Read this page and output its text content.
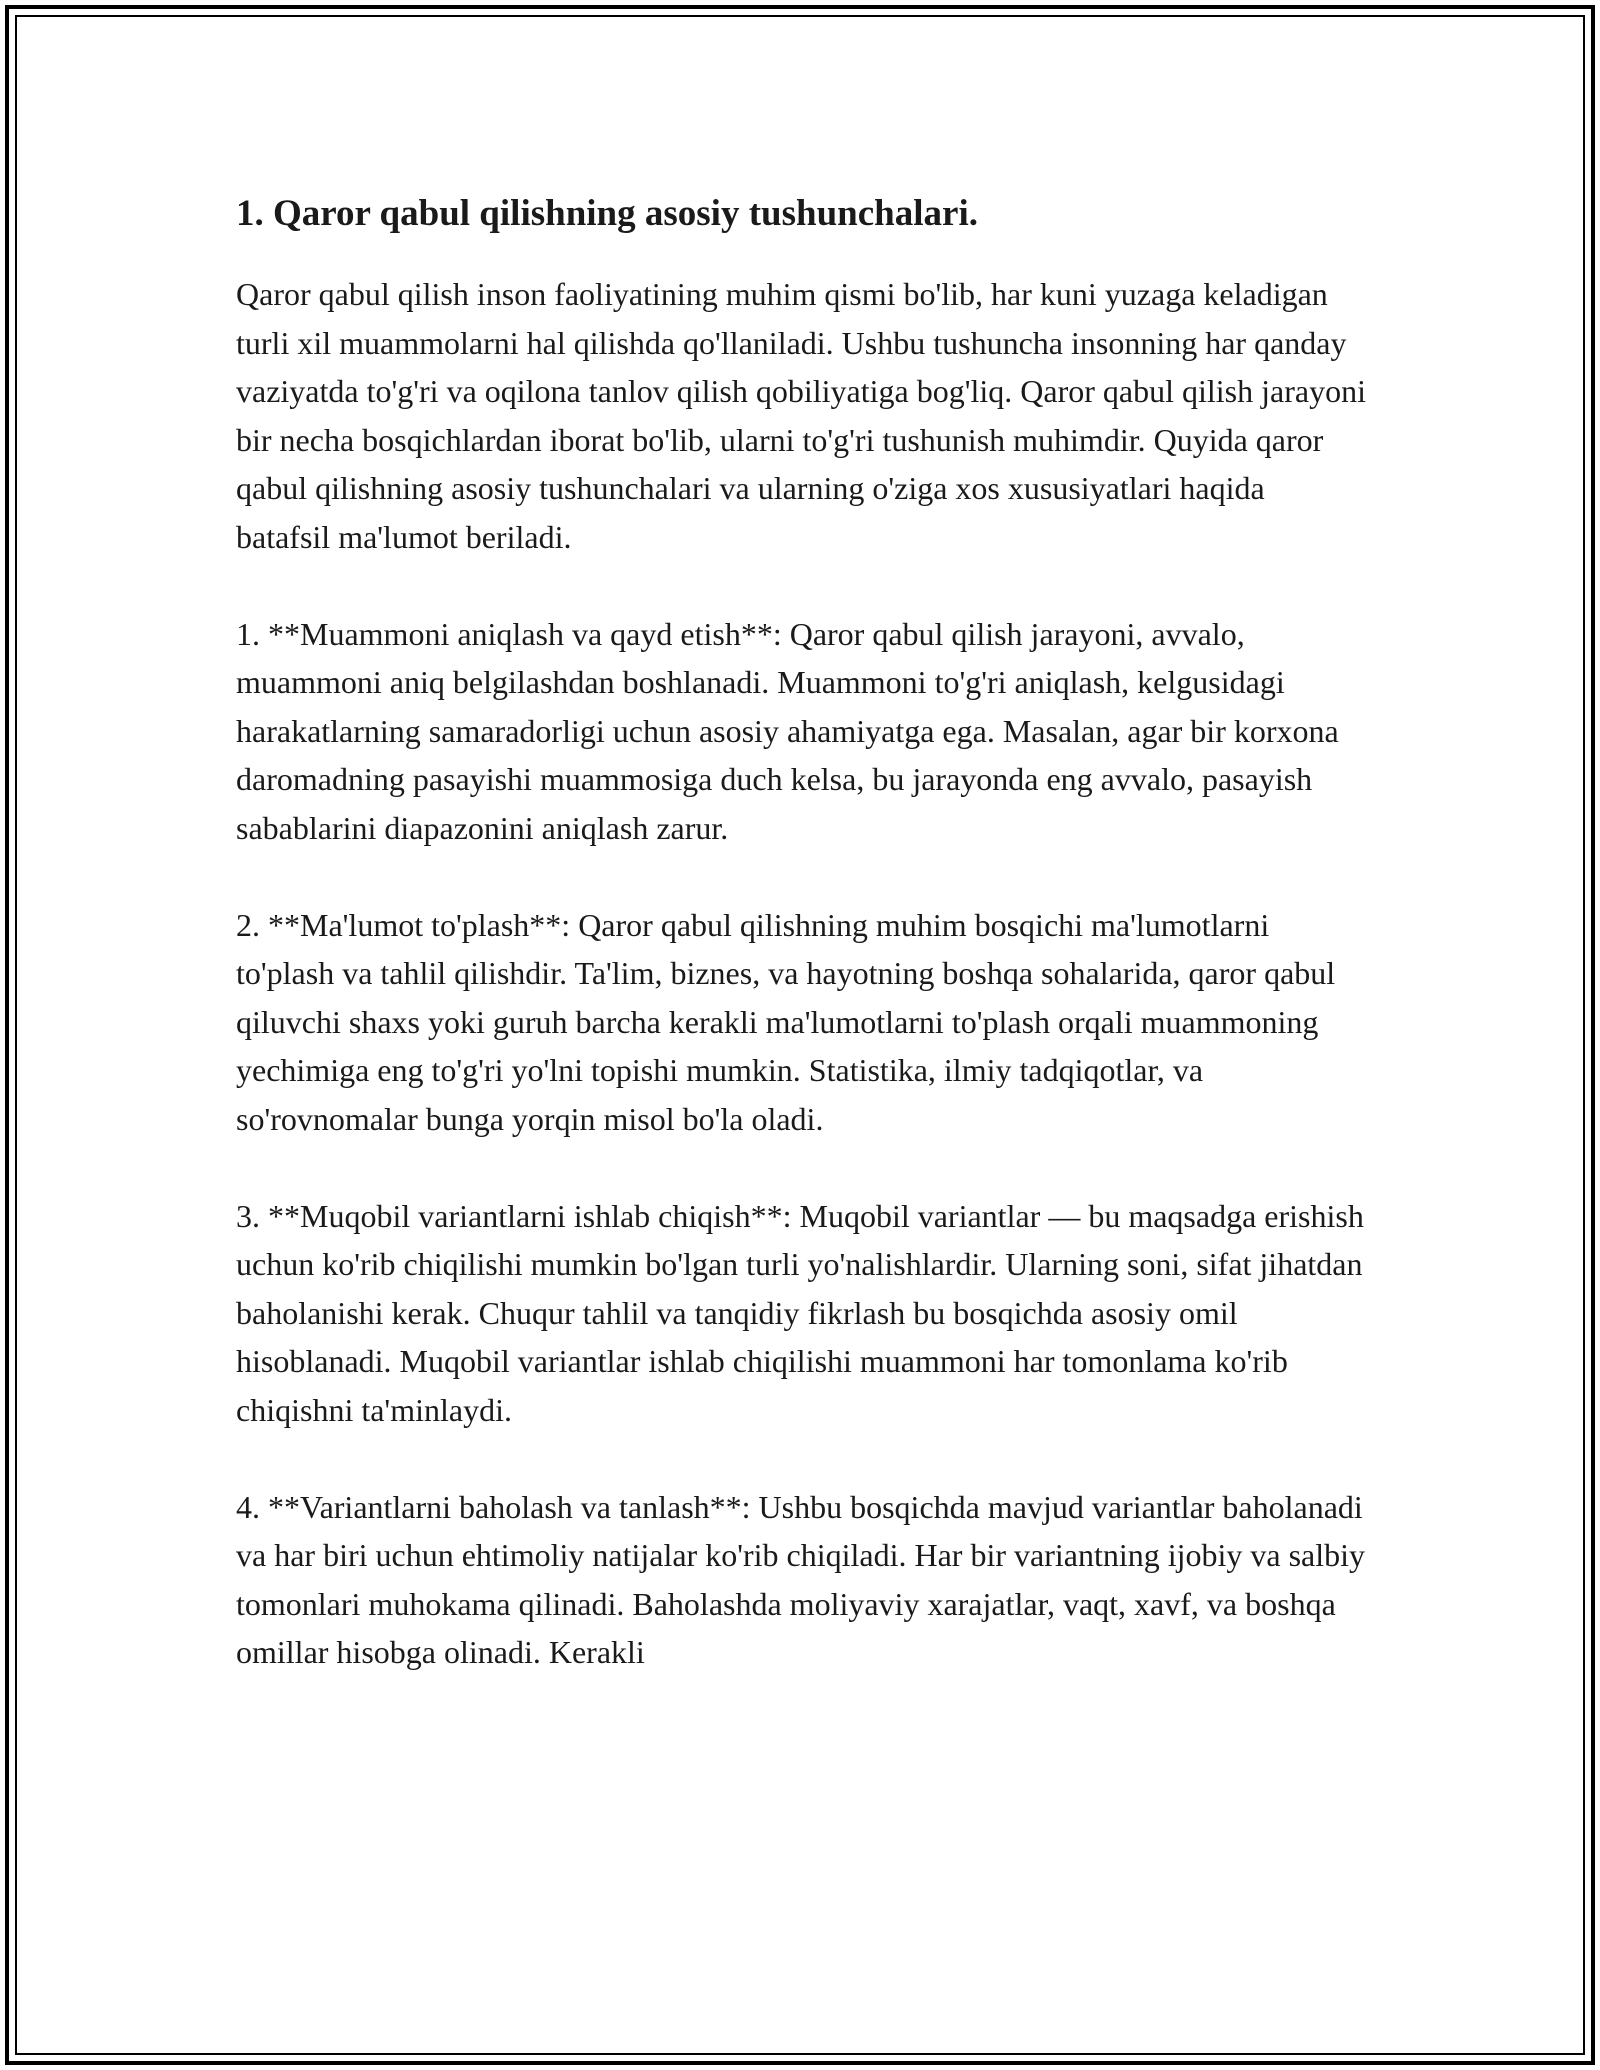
1. Qaror qabul qilishning asosiy tushunchalari.

Qaror qabul qilish inson faoliyatining muhim qismi bo'lib, har kuni yuzaga keladigan turli xil muammolarni hal qilishda qo'llaniladi. Ushbu tushuncha insonning har qanday vaziyatda to'g'ri va oqilona tanlov qilish qobiliyatiga bog'liq. Qaror qabul qilish jarayoni bir necha bosqichlardan iborat bo'lib, ularni to'g'ri tushunish muhimdir. Quyida qaror qabul qilishning asosiy tushunchalari va ularning o'ziga xos xususiyatlari haqida batafsil ma'lumot beriladi.

1. **Muammoni aniqlash va qayd etish**: Qaror qabul qilish jarayoni, avvalo, muammoni aniq belgilashdan boshlanadi. Muammoni to'g'ri aniqlash, kelgusidagi harakatlarning samaradorligi uchun asosiy ahamiyatga ega. Masalan, agar bir korxona daromadning pasayishi muammosiga duch kelsa, bu jarayonda eng avvalo, pasayish sabablarini diapazonini aniqlash zarur.

2. **Ma'lumot to'plash**: Qaror qabul qilishning muhim bosqichi ma'lumotlarni to'plash va tahlil qilishdir. Ta'lim, biznes, va hayotning boshqa sohalarida, qaror qabul qiluvchi shaxs yoki guruh barcha kerakli ma'lumotlarni to'plash orqali muammoning yechimiga eng to'g'ri yo'lni topishi mumkin. Statistika, ilmiy tadqiqotlar, va so'rovnomalar bunga yorqin misol bo'la oladi.

3. **Muqobil variantlarni ishlab chiqish**: Muqobil variantlar — bu maqsadga erishish uchun ko'rib chiqilishi mumkin bo'lgan turli yo'nalishlardir. Ularning soni, sifat jihatdan baholanishi kerak. Chuqur tahlil va tanqidiy fikrlash bu bosqichda asosiy omil hisoblanadi. Muqobil variantlar ishlab chiqilishi muammoni har tomonlama ko'rib chiqishni ta'minlaydi.

4. **Variantlarni baholash va tanlash**: Ushbu bosqichda mavjud variantlar baholanadi va har biri uchun ehtimoliy natijalar ko'rib chiqiladi. Har bir variantning ijobiy va salbiy tomonlari muhokama qilinadi. Baholashda moliyaviy xarajatlar, vaqt, xavf, va boshqa omillar hisobga olinadi. Kerakli
